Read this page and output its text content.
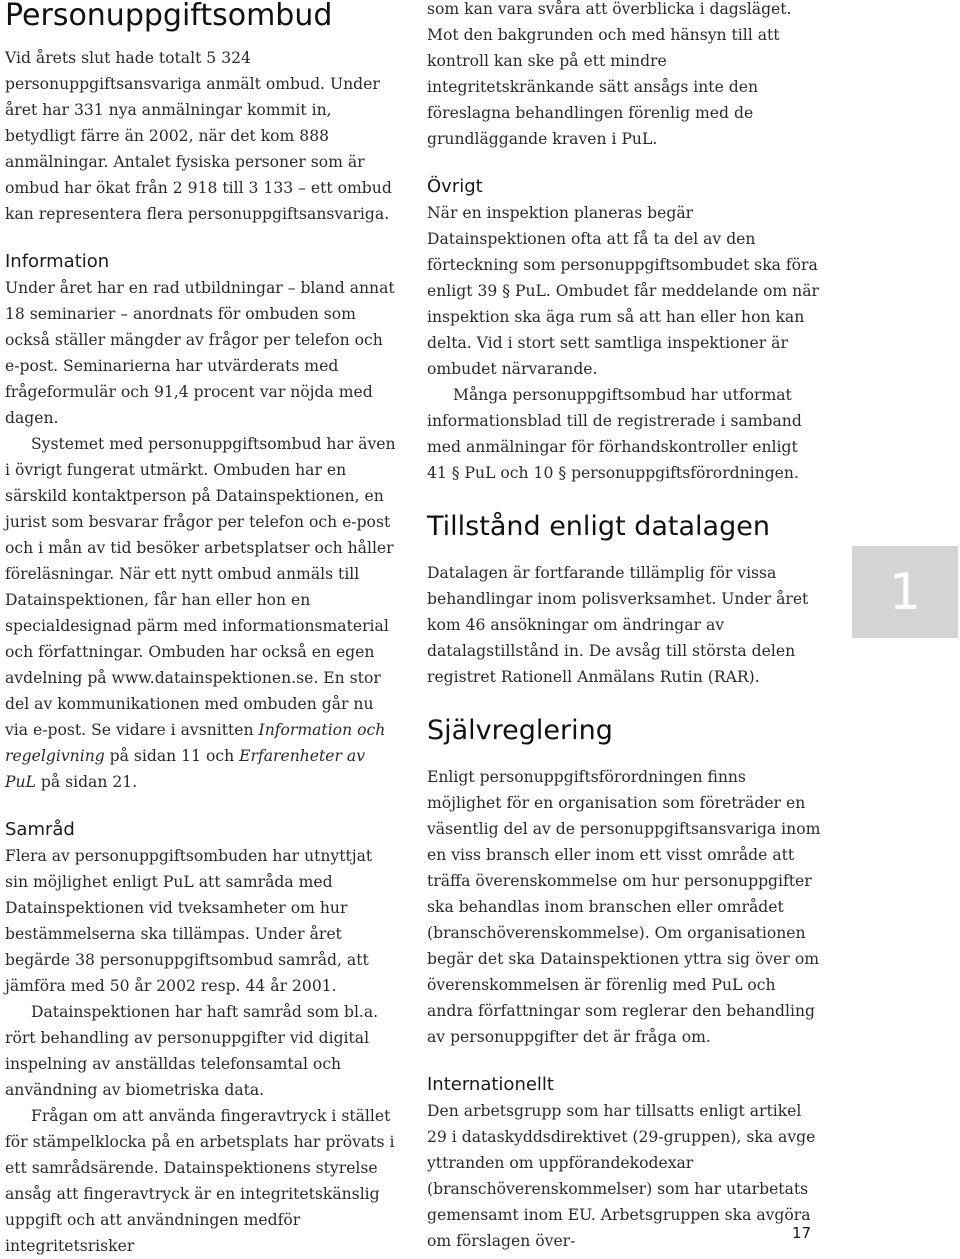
Personuppgiftsombud

Vid årets slut hade totalt 5 324 personuppgiftsansvariga anmält ombud. Under året har 331 nya anmälningar kommit in, betydligt färre än 2002, när det kom 888 anmälningar. Antalet fysiska personer som är ombud har ökat från 2 918 till 3 133 – ett ombud kan representera flera personuppgiftsansvariga.

Information

Under året har en rad utbildningar – bland annat 18 seminarier – anordnats för ombuden som också ställer mängder av frågor per telefon och e-post. Seminarierna har utvärderats med frågeformulär och 91,4 procent var nöjda med dagen.

Systemet med personuppgiftsombud har även i övrigt fungerat utmärkt. Ombuden har en särskild kontaktperson på Datainspektionen, en jurist som besvarar frågor per telefon och e-post och i mån av tid besöker arbetsplatser och håller föreläsningar. När ett nytt ombud anmäls till Datainspektionen, får han eller hon en specialdesignad pärm med informationsmaterial och författningar. Ombuden har också en egen avdelning på www.datainspektionen.se. En stor del av kommunikationen med ombuden går nu via e-post. Se vidare i avsnitten Information och regelgivning på sidan 11 och Erfarenheter av PuL på sidan 21.

Samråd

Flera av personuppgiftsombuden har utnyttjat sin möjlighet enligt PuL att samråda med Datainspektionen vid tveksamheter om hur bestämmelserna ska tillämpas. Under året begärde 38 personuppgiftsombud samråd, att jämföra med 50 år 2002 resp. 44 år 2001.

Datainspektionen har haft samråd som bl.a. rört behandling av personuppgifter vid digital inspelning av anställdas telefonsamtal och användning av biometriska data.

Frågan om att använda fingeravtryck i stället för stämpelklocka på en arbetsplats har prövats i ett samrådsärende. Datainspektionens styrelse ansåg att fingeravtryck är en integritetskänslig uppgift och att användningen medför integritetsrisker

som kan vara svåra att överblicka i dagsläget. Mot den bakgrunden och med hänsyn till att kontroll kan ske på ett mindre integritetskränkande sätt ansågs inte den föreslagna behandlingen förenlig med de grundläggande kraven i PuL.

Övrigt

När en inspektion planeras begär Datainspektionen ofta att få ta del av den förteckning som personuppgiftsombudet ska föra enligt 39 § PuL. Ombudet får meddelande om när inspektion ska äga rum så att han eller hon kan delta. Vid i stort sett samtliga inspektioner är ombudet närvarande.

Många personuppgiftsombud har utformat informationsblad till de registrerade i samband med anmälningar för förhandskontroller enligt 41 § PuL och 10 § personuppgiftsförordningen.

Tillstånd enligt datalagen

Datalagen är fortfarande tillämplig för vissa behandlingar inom polisverksamhet. Under året kom 46 ansökningar om ändringar av datalagstillstånd in. De avsåg till största delen registret Rationell Anmälans Rutin (RAR).

Självreglering

Enligt personuppgiftsförordningen finns möjlighet för en organisation som företräder en väsentlig del av de personuppgiftsansvariga inom en viss bransch eller inom ett visst område att träffa överenskommelse om hur personuppgifter ska behandlas inom branschen eller området (branschöverenskommelse). Om organisationen begär det ska Datainspektionen yttra sig över om överenskommelsen är förenlig med PuL och andra författningar som reglerar den behandling av personuppgifter det är fråga om.

Internationellt

Den arbetsgrupp som har tillsatts enligt artikel 29 i dataskyddsdirektivet (29-gruppen), ska avge yttranden om uppförandekodexar (branschöverenskommelser) som har utarbetats gemensamt inom EU. Arbetsgruppen ska avgöra om förslagen över-

1
17
